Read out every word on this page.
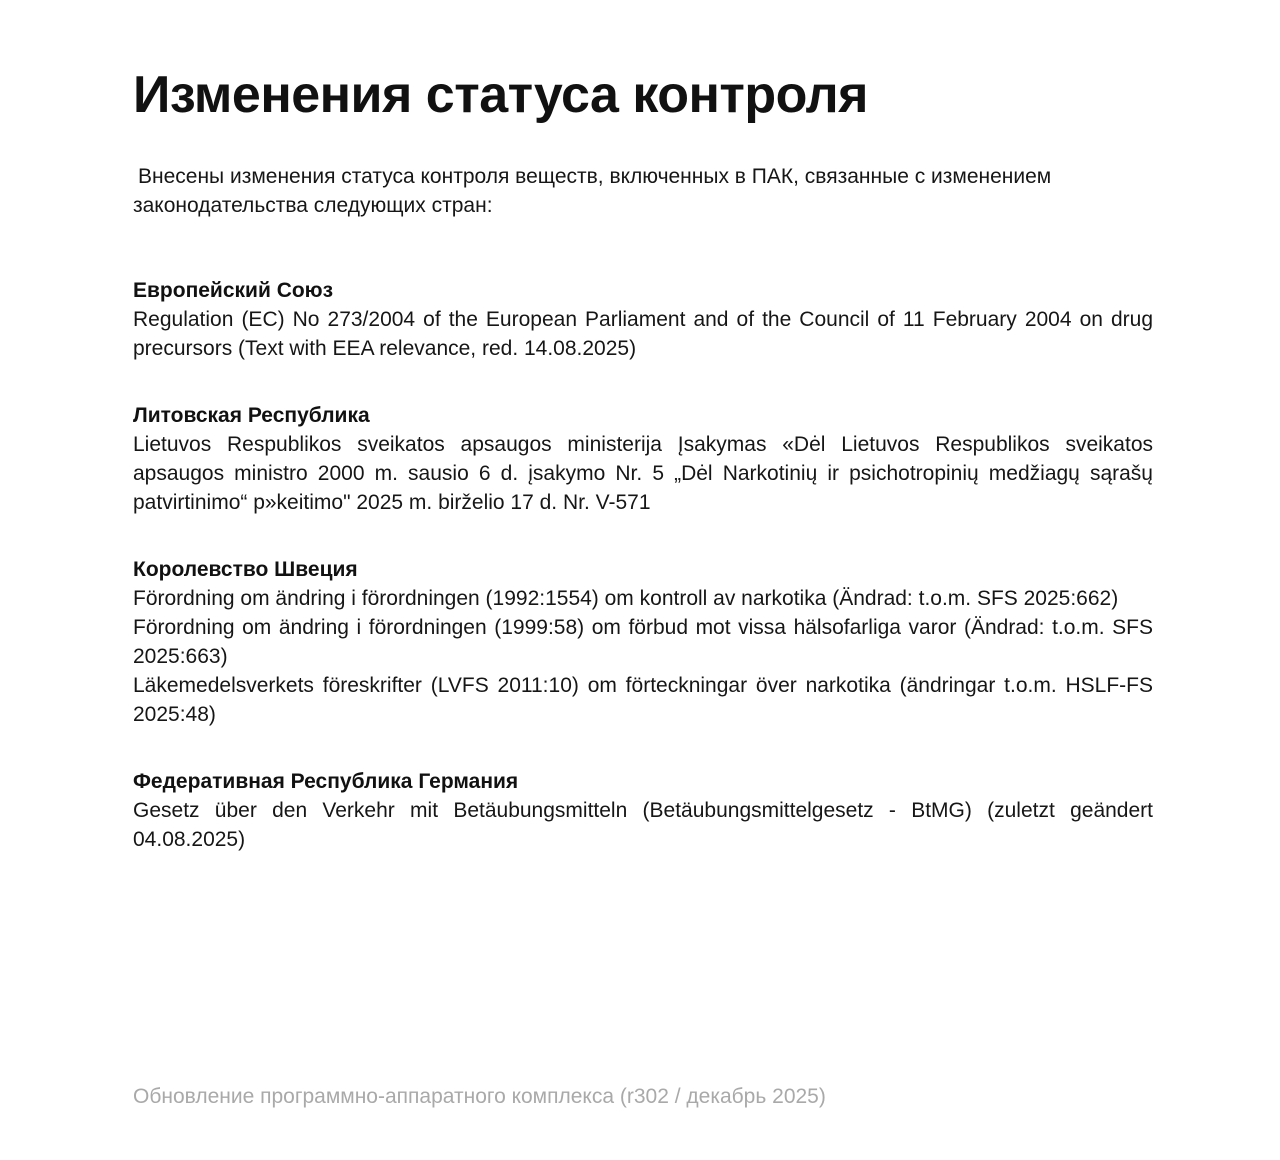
Изменения статуса контроля

Внесены изменения статуса контроля веществ, включенных в ПАК, связанные с изменением законодательства следующих стран:

Европейский Союз

Regulation (EC) No 273/2004 of the European Parliament and of the Council of 11 February 2004 on drug precursors (Text with EEA relevance, red. 14.08.2025)

Литовская Республика

Lietuvos Respublikos sveikatos apsaugos ministerija Įsakymas «Dėl Lietuvos Respublikos sveikatos apsaugos ministro 2000 m. sausio 6 d. įsakymo Nr. 5 „Dėl Narkotinių ir psichotropinių medžiagų sąrašų patvirtinimo“ p»keitimo" 2025 m. birželio 17 d. Nr. V-571

Королевство Швеция

Förordning om ändring i förordningen (1992:1554) om kontroll av narkotika (Ändrad: t.o.m. SFS 2025:662)

Förordning om ändring i förordningen (1999:58) om förbud mot vissa hälsofarliga varor (Ändrad: t.o.m. SFS 2025:663)

Läkemedelsverkets föreskrifter (LVFS 2011:10) om förteckningar över narkotika (ändringar t.o.m. HSLF-FS 2025:48)

Федеративная Республика Германия

Gesetz über den Verkehr mit Betäubungsmitteln (Betäubungsmittelgesetz - BtMG) (zuletzt geändert 04.08.2025)

Обновление программно-аппаратного комплекса (r302 / декабрь 2025)
